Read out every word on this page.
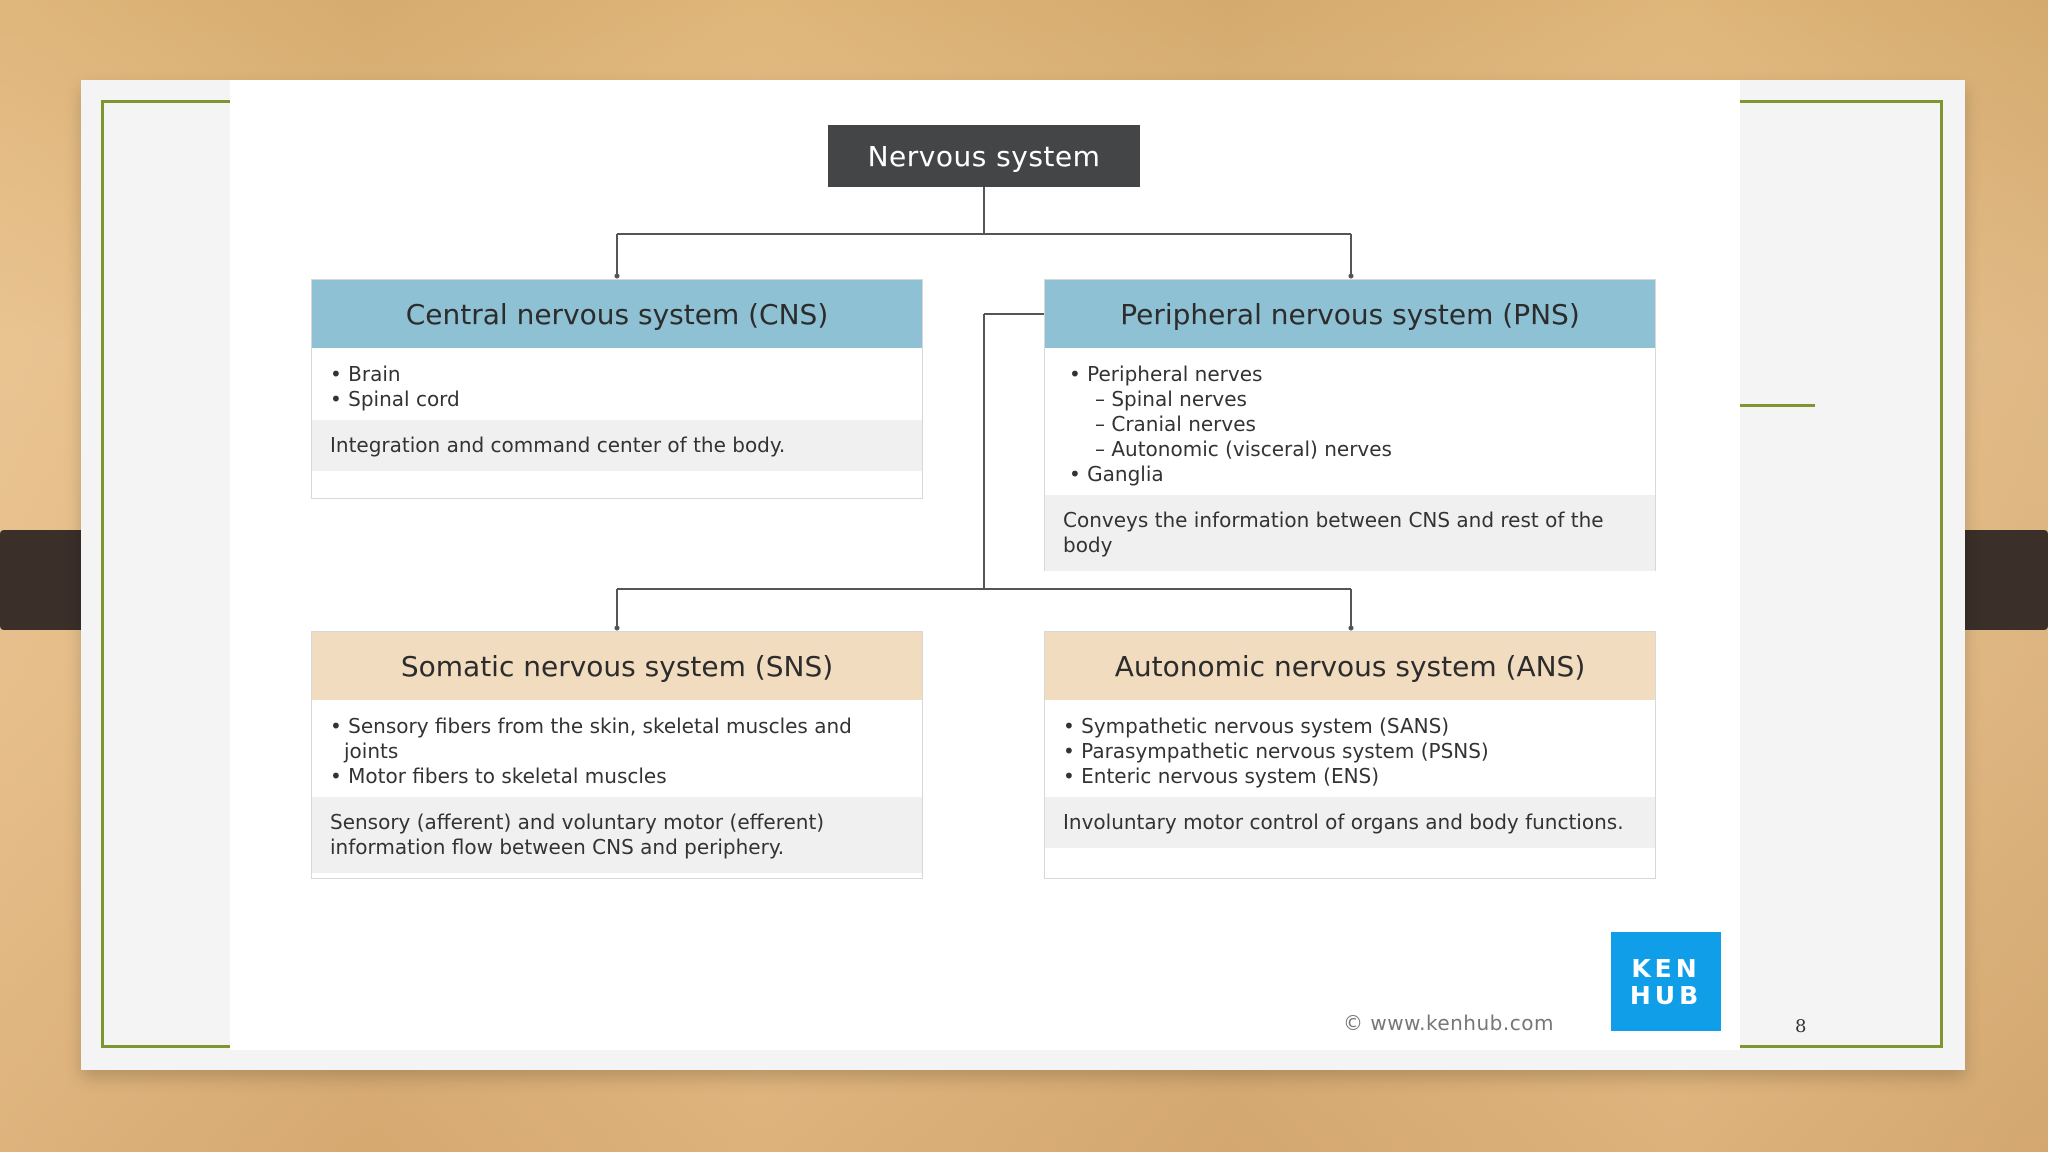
Nervous system
Central nervous system (CNS)
• Brain
• Spinal cord
Integration and command center of the body.
Peripheral nervous system (PNS)
• Peripheral nerves
– Spinal nerves
– Cranial nerves
– Autonomic (visceral) nerves
• Ganglia
Conveys the information between CNS and rest of the body
Somatic nervous system (SNS)
• Sensory fibers from the skin, skeletal muscles and joints
• Motor fibers to skeletal muscles
Sensory (afferent) and voluntary motor (efferent) information flow between CNS and periphery.
Autonomic nervous system (ANS)
• Sympathetic nervous system (SANS)
• Parasympathetic nervous system (PSNS)
• Enteric nervous system (ENS)
Involuntary motor control of organs and body functions.
© www.kenhub.com
KEN
HUB
8
